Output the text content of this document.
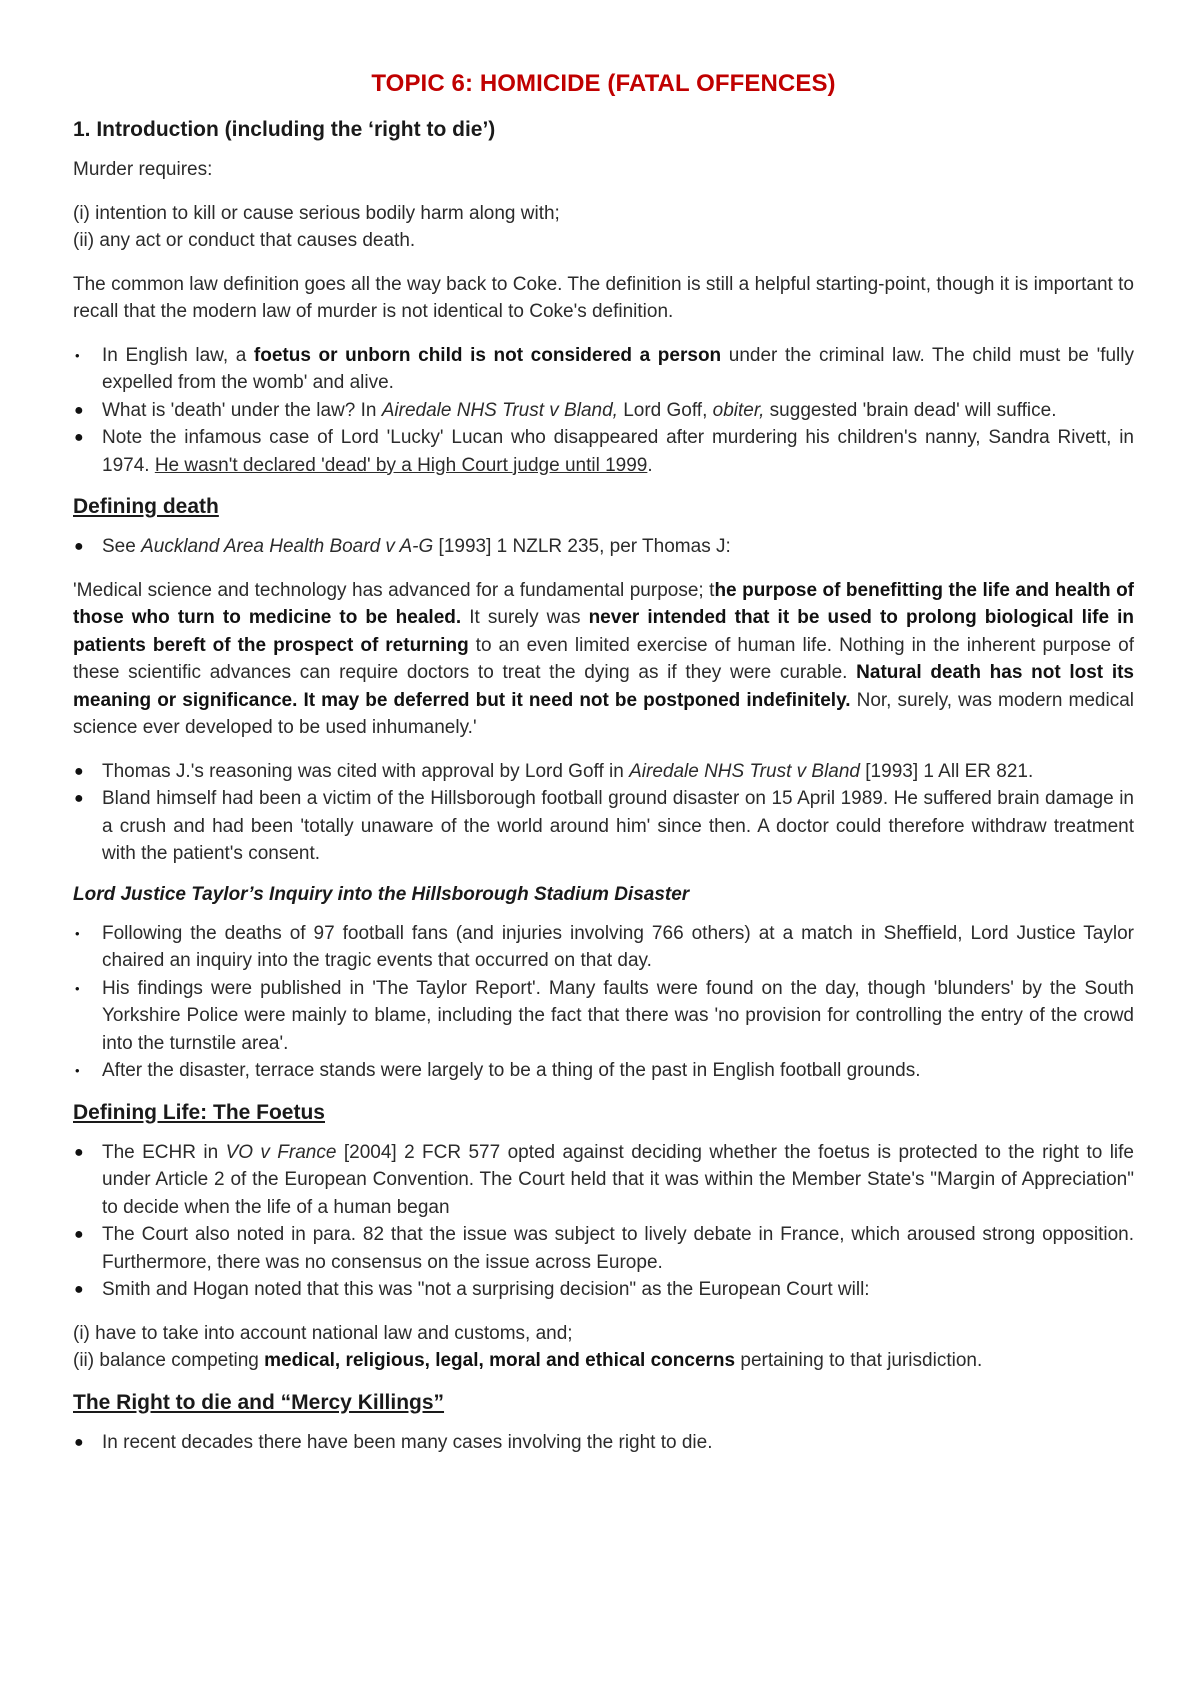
TOPIC 6: HOMICIDE (FATAL OFFENCES)
1. Introduction (including the ‘right to die’)

Murder requires:

(i) intention to kill or cause serious bodily harm along with;

(ii) any act or conduct that causes death.

The common law definition goes all the way back to Coke. The definition is still a helpful starting-point, though it is important to recall that the modern law of murder is not identical to Coke's definition.

• In English law, a foetus or unborn child is not considered a person under the criminal law. The child must be 'fully expelled from the womb' and alive.
● What is 'death' under the law? In Airedale NHS Trust v Bland, Lord Goff, obiter, suggested 'brain dead' will suffice.
● Note the infamous case of Lord 'Lucky' Lucan who disappeared after murdering his children's nanny, Sandra Rivett, in 1974. He wasn't declared 'dead' by a High Court judge until 1999.
Defining death
● See Auckland Area Health Board v A-G [1993] 1 NZLR 235, per Thomas J:

'Medical science and technology has advanced for a fundamental purpose; the purpose of benefitting the life and health of those who turn to medicine to be healed. It surely was never intended that it be used to prolong biological life in patients bereft of the prospect of returning to an even limited exercise of human life. Nothing in the inherent purpose of these scientific advances can require doctors to treat the dying as if they were curable. Natural death has not lost its meaning or significance. It may be deferred but it need not be postponed indefinitely. Nor, surely, was modern medical science ever developed to be used inhumanely.'

● Thomas J.'s reasoning was cited with approval by Lord Goff in Airedale NHS Trust v Bland [1993] 1 All ER 821.
● Bland himself had been a victim of the Hillsborough football ground disaster on 15 April 1989. He suffered brain damage in a crush and had been 'totally unaware of the world around him' since then. A doctor could therefore withdraw treatment with the patient's consent.
Lord Justice Taylor’s Inquiry into the Hillsborough Stadium Disaster
• Following the deaths of 97 football fans (and injuries involving 766 others) at a match in Sheffield, Lord Justice Taylor chaired an inquiry into the tragic events that occurred on that day.
• His findings were published in 'The Taylor Report'. Many faults were found on the day, though 'blunders' by the South Yorkshire Police were mainly to blame, including the fact that there was 'no provision for controlling the entry of the crowd into the turnstile area'.
• After the disaster, terrace stands were largely to be a thing of the past in English football grounds.
Defining Life: The Foetus
● The ECHR in VO v France [2004] 2 FCR 577 opted against deciding whether the foetus is protected to the right to life under Article 2 of the European Convention. The Court held that it was within the Member State's "Margin of Appreciation" to decide when the life of a human began
● The Court also noted in para. 82 that the issue was subject to lively debate in France, which aroused strong opposition. Furthermore, there was no consensus on the issue across Europe.
● Smith and Hogan noted that this was "not a surprising decision" as the European Court will:

(i) have to take into account national law and customs, and;

(ii) balance competing medical, religious, legal, moral and ethical concerns pertaining to that jurisdiction.

The Right to die and “Mercy Killings”
● In recent decades there have been many cases involving the right to die.
